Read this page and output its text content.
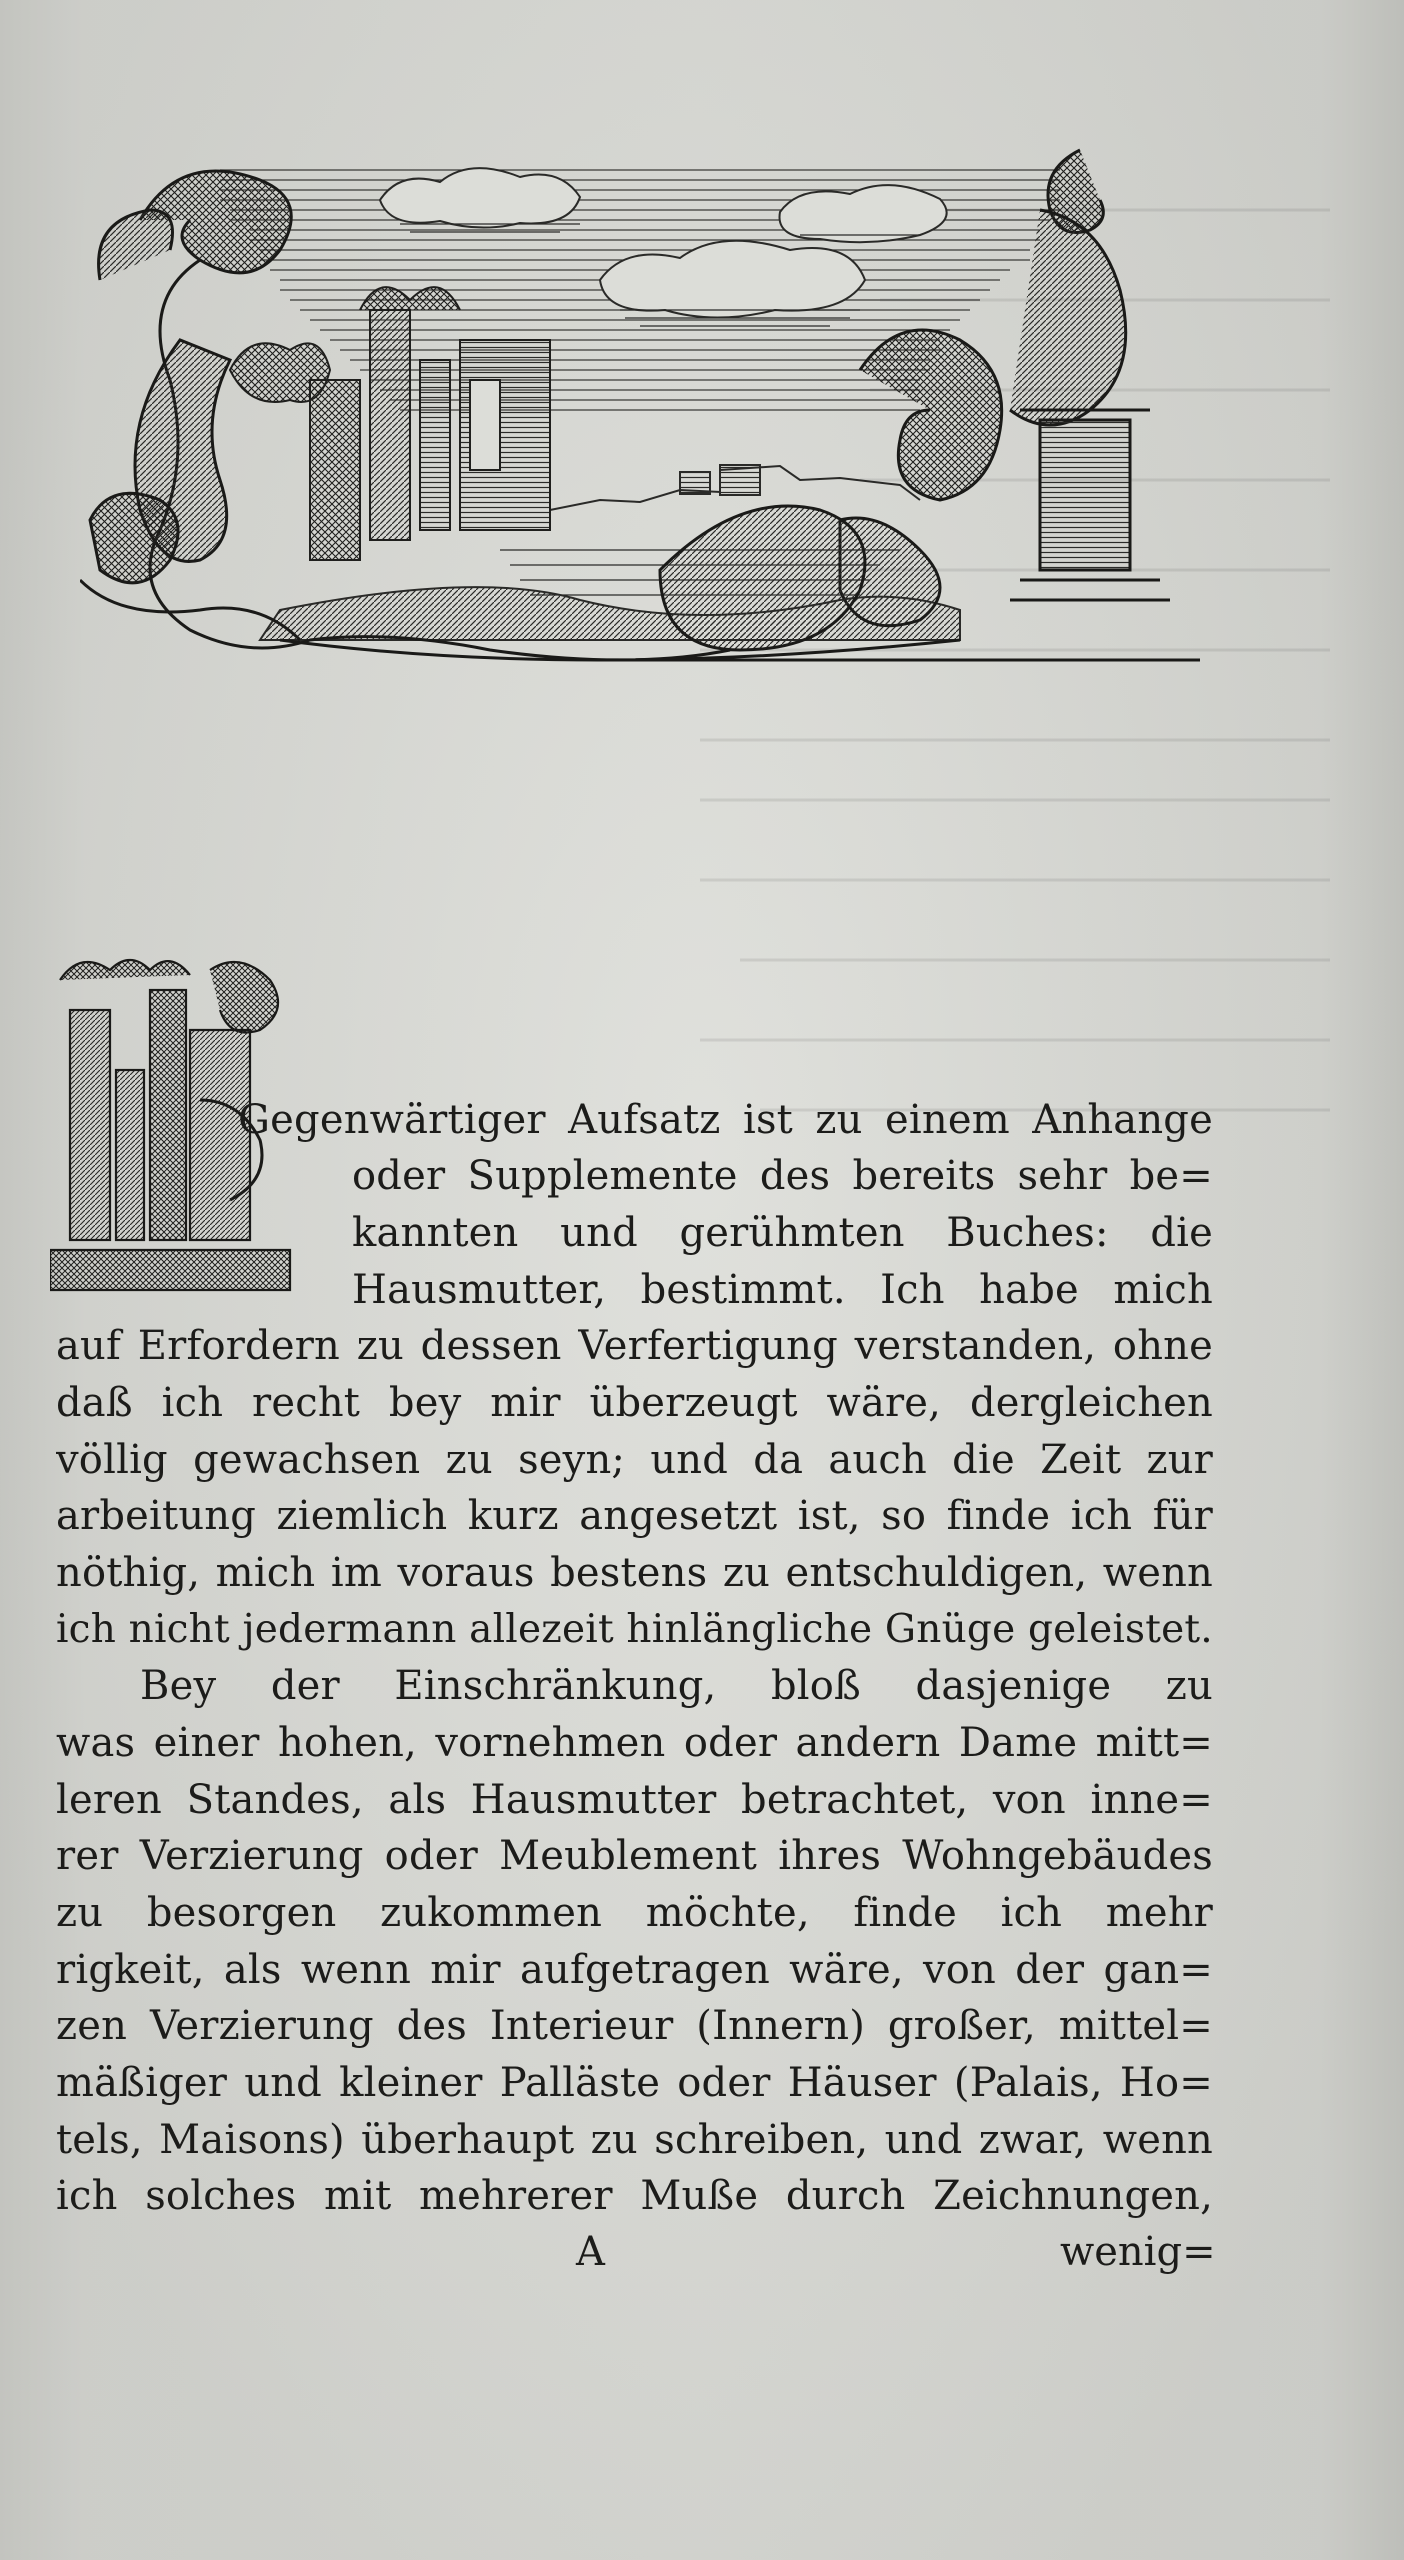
Gegenwärtiger Aufsatz ist zu einem Anhange
oder Supplemente des bereits sehr be=
kannten und gerühmten Buches: die
Hausmutter, bestimmt. Ich habe mich
auf Erfordern zu dessen Verfertigung verstanden, ohne
daß ich recht bey mir überzeugt wäre, dergleichen
völlig gewachsen zu seyn; und da auch die Zeit zur
arbeitung ziemlich kurz angesetzt ist, so finde ich für
nöthig, mich im voraus bestens zu entschuldigen, wenn
ich nicht jedermann allezeit hinlängliche Gnüge geleistet.
Bey der Einschränkung, bloß dasjenige zu
was einer hohen, vornehmen oder andern Dame mitt=
leren Standes, als Hausmutter betrachtet, von inne=
rer Verzierung oder Meublement ihres Wohngebäudes
zu besorgen zukommen möchte, finde ich mehr
rigkeit, als wenn mir aufgetragen wäre, von der gan=
zen Verzierung des Interieur (Innern) großer, mittel=
mäßiger und kleiner Palläste oder Häuser (Palais, Ho=
tels, Maisons) überhaupt zu schreiben, und zwar, wenn
ich solches mit mehrerer Muße durch Zeichnungen,
A	wenig=
